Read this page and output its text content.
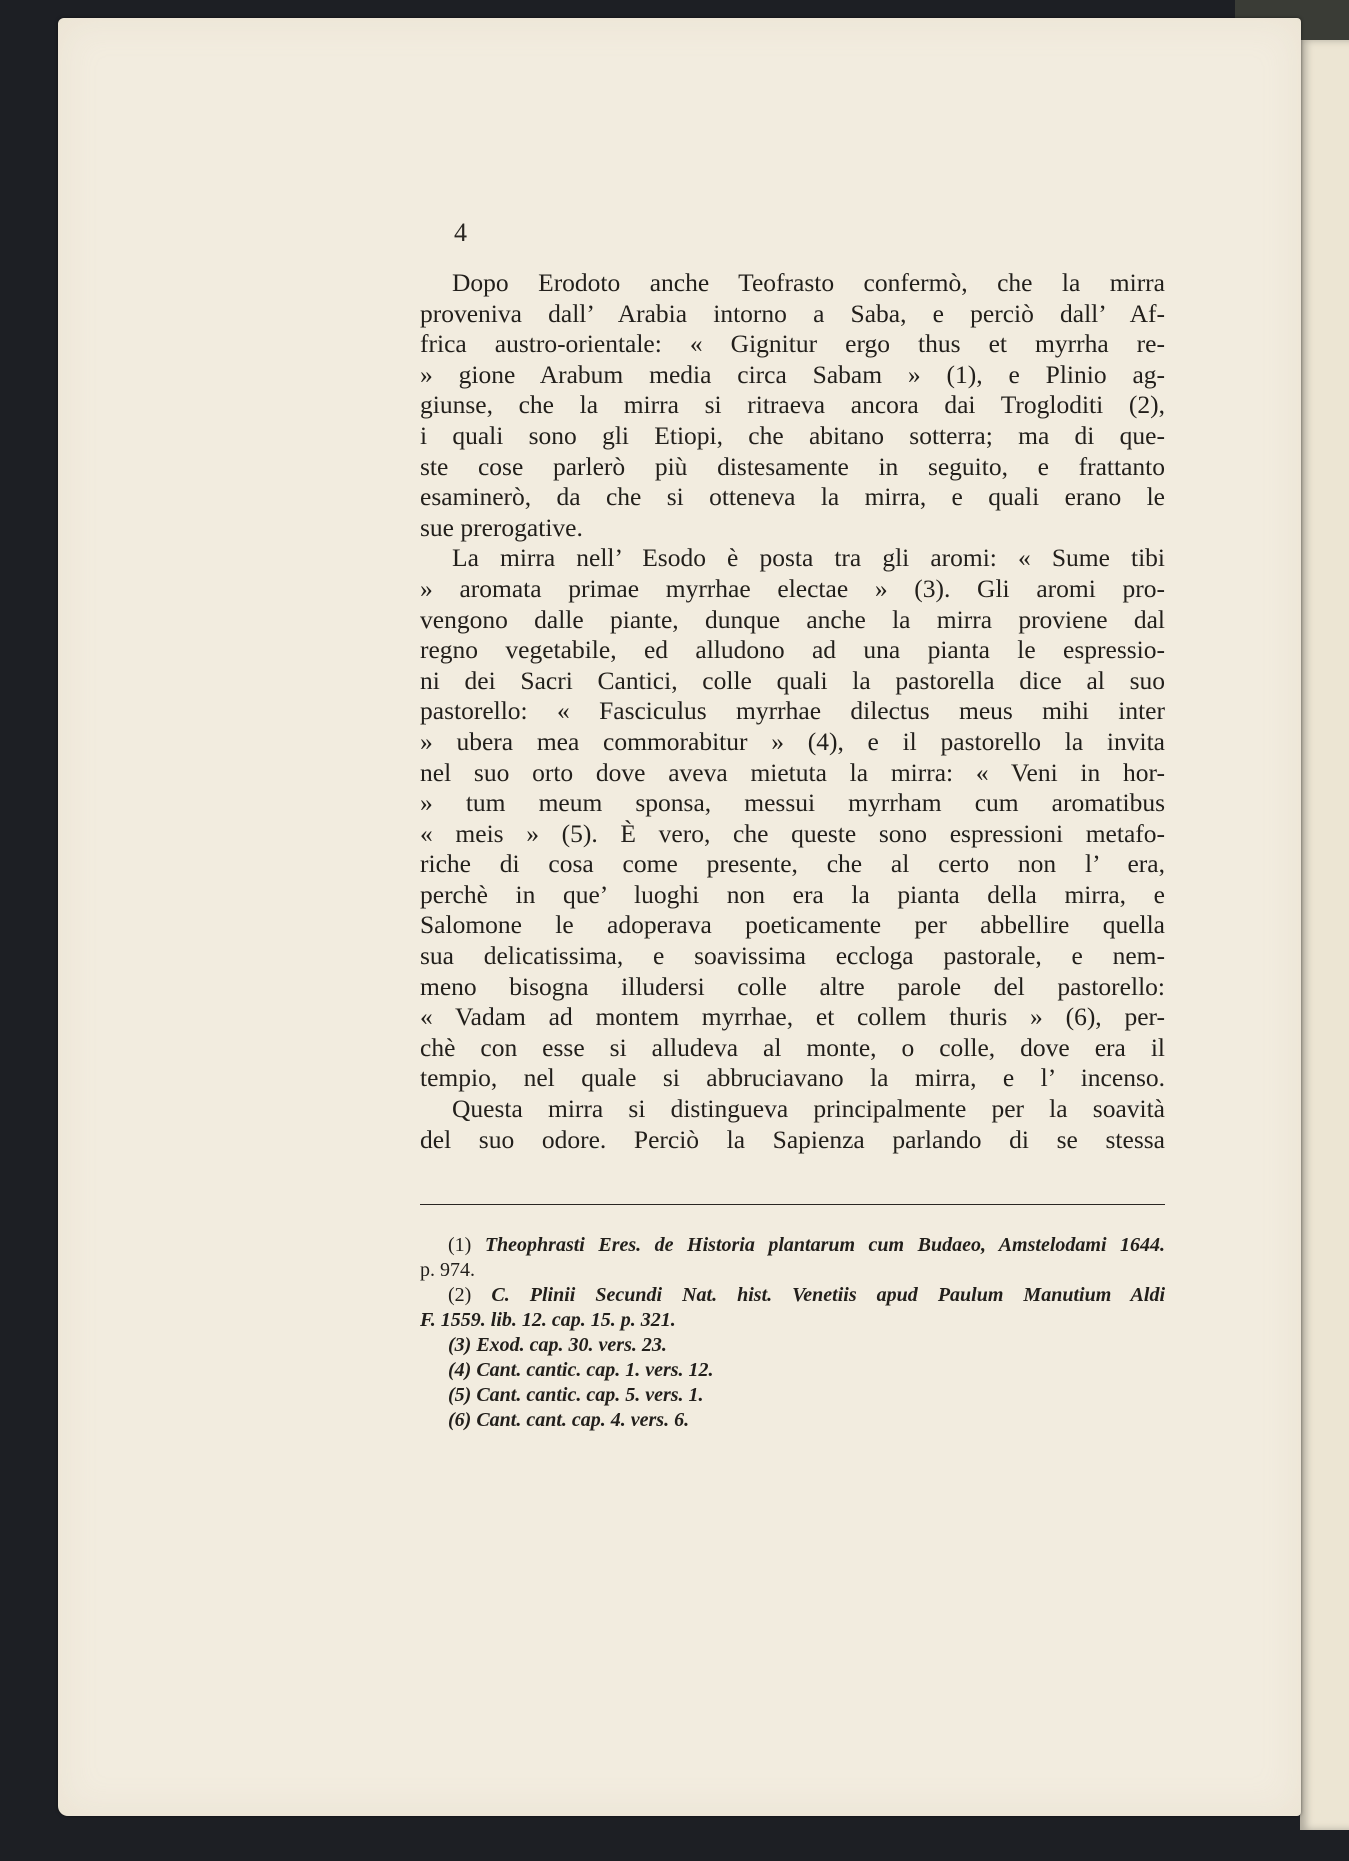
4

Dopo Erodoto anche Teofrasto confermò, che la mirra
proveniva dall’ Arabia intorno a Saba, e perciò dall’ Af-
frica austro-orientale: « Gignitur ergo thus et myrrha re-
» gione Arabum media circa Sabam » (1), e Plinio ag-
giunse, che la mirra si ritraeva ancora dai Trogloditi (2),
i quali sono gli Etiopi, che abitano sotterra; ma di que-
ste cose parlerò più distesamente in seguito, e frattanto
esaminerò, da che si otteneva la mirra, e quali erano le
sue prerogative.
La mirra nell’ Esodo è posta tra gli aromi: « Sume tibi
» aromata primae myrrhae electae » (3). Gli aromi pro-
vengono dalle piante, dunque anche la mirra proviene dal
regno vegetabile, ed alludono ad una pianta le espressio-
ni dei Sacri Cantici, colle quali la pastorella dice al suo
pastorello: « Fasciculus myrrhae dilectus meus mihi inter
» ubera mea commorabitur » (4), e il pastorello la invita
nel suo orto dove aveva mietuta la mirra: « Veni in hor-
» tum meum sponsa, messui myrrham cum aromatibus
« meis » (5). È vero, che queste sono espressioni metafo-
riche di cosa come presente, che al certo non l’ era,
perchè in que’ luoghi non era la pianta della mirra, e
Salomone le adoperava poeticamente per abbellire quella
sua delicatissima, e soavissima eccloga pastorale, e nem-
meno bisogna illudersi colle altre parole del pastorello:
« Vadam ad montem myrrhae, et collem thuris » (6), per-
chè con esse si alludeva al monte, o colle, dove era il
tempio, nel quale si abbruciavano la mirra, e l’ incenso.
Questa mirra si distingueva principalmente per la soavità
del suo odore. Perciò la Sapienza parlando di se stessa
(1) Theophrasti Eres. de Historia plantarum cum Budaeo, Amstelodami 1644.
p. 974.
(2) C. Plinii Secundi Nat. hist. Venetiis apud Paulum Manutium Aldi
F. 1559. lib. 12. cap. 15. p. 321.
(3) Exod. cap. 30. vers. 23.
(4) Cant. cantic. cap. 1. vers. 12.
(5) Cant. cantic. cap. 5. vers. 1.
(6) Cant. cant. cap. 4. vers. 6.
